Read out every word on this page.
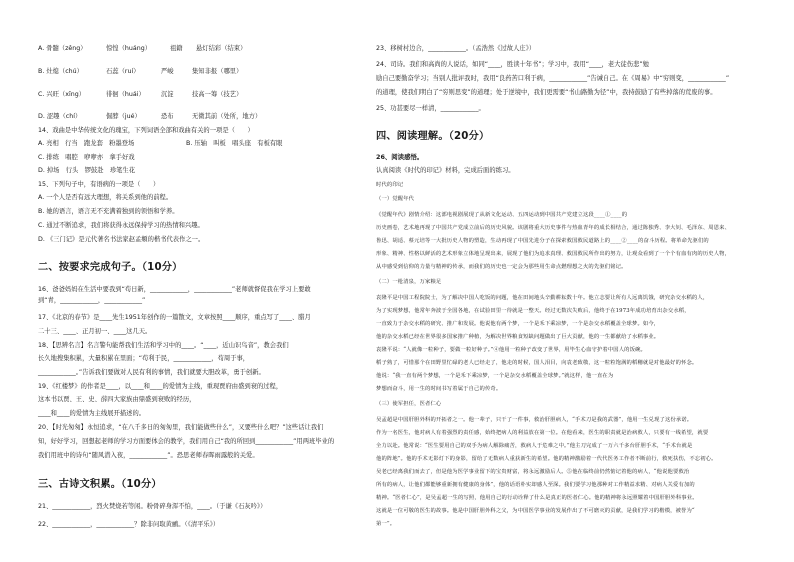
A. 骨髓（zěng）	惊惶（huáng）	祖籍 悬灯结彩（结束）
B. 灶熄（chú）	石蕊（ruí）	严峻	集知非报（哪里）
C. 兴旺（xīng）	徘徊（huái）	沉淀	技高一筹（技艺）
D. 涩趣（chí）	倔脖（jué）	恐布	无微其前（处所，地方）
14、戏曲是中华传统文化的瑰宝，下列词语全部和戏曲有关的一项是（　　）
A. 亮相　行当　跑龙套　粉墨登场	B. 压轴　叫板　唱头座　有板有眼
C. 排练　唱腔　咿咿亦　拿手好戏
D. 掉场　行头　锣鼓赴　珍笔生花
15、下列句子中，有语病的一项是（　　）
A. 一个人是否有远大理想，将关系到他的前程。
B. 她的语言，语言无不充满着独到的领悟和学养。
C. 通过不断追求，我们将获得永远保持学习的热情和兴趣。
D. 《三门记》是元代著名书法家赵孟頫的楷书代表作之一。
二、按要求完成句子。（10分）
16、爸爸妈妈在生活中要我到“苟日新，____________，____________”老师就督促我在学习上要敢
到“青，____________，____________”
17、《北京的春节》是____先生1951年创作的一篇散文，文章按照____顺序，重点写了____、腊月
二十三、____、正月初一、____这几天。
18、【思辨名言】名言警句能帮我们生活和学习中的____。“____，近山识鸟音”，教会我们
长久地搜集积累，大量积累在里面；“苟利于民，____________，苟周于事，
____________。”告诉我们要做对人民有利的事情，我们就要大胆改革，勇于创新。
19、《红楼梦》的作者是____，以____和____的爱情为主线，重现贾府由盛到衰的过程，
这本书以贾、王、史、薛四大家族由鼎盛到衰败的经历，
____和____的爱情为主线展开描述的。
20、【时光匆匆】永恒追求，“在八千多日的匆匆里，我们能做些什么”，又要些什么吧？”这些话让我们
知，好好学习，回想起老师的学习方面要体会的教学，我们用自己“我的所回到____________”用两班毕业的
我们用班中的诗句“随风潜入夜，____________”。恐思老师春晖雨露般的关爱。
三、古诗文积累。（10分）
21、____________，烈火焚烧若等闲。粉骨碎身浑不怕，____。（于谦《石灰吟》）
22、____________，____________？除非问取黄鹂。（《清平乐》）
23、移树村边合，____________。（孟浩然《过故人庄》）
24、司诗。我们和高尚的人说话，如同“____，胜读十年书”；学习中，我用“____，老大徒伤悲”勉
励自己要勤奋学习；当别人批评我时，我用“良药苦口利于病，____________”告诫自己。在《周易》中“穷则变，____________”
的道理，使我们明白了“穷则思变”的道理；处于逆境中，我们更需要“书山路勤为径”中，我持鼓励了有些掉落的荒废的事。
25、功甚要尽一样清，____________。
四、阅读理解。（20分）
26、阅读感悟。
认真阅读《时代的印记》材料，完成后面的练习。
时代的印记
（一）觉醒年代
《觉醒年代》剧情介绍：这部电视剧展现了从新文化运动、五四运动到中国共产党建立这段____①____的
历史画卷，艺术地再现了中国共产党成立前后的历史风貌。该剧将重大历史事件与热血青年的成长相结合，通过陈独秀、李大钊、毛泽东、周恩来、
鲁迅、胡适、蔡元培等一大批历史人物的塑造，生动再现了中国先进分子在探索救国救民道路上的____②____的奋斗历程。将革命先驱们的
形象、精神、性格以鲜活的艺术形象立体地呈现出来，展现了他们为追求真理、救国救民所作出的努力，让观众看到了一个个有血有肉的历史人物，
从中感受到信仰的力量与精神的传承，而我们的历史也一定会为那些用生命点燃理想之火的先驱们铭记。
（二）一枪清泉，万家粮足
袁隆平是中国工程院院士，为了解决中国人吃饭的问题，他在田间地头辛勤耕耘数十年。他立志要让所有人远离饥饿，研究杂交水稻的人，
为了实现梦想，他常年奔波于全国各地，在试验田里一待就是一整天。经过无数次失败后，他终于在1973年成功培育出杂交水稻，
一直致力于杂交水稻的研究、推广和发展。他说他有两个梦，一个是禾下乘凉梦，一个是杂交水稻覆盖全球梦。如今，
他的杂交水稻已经在世界很多国家推广种植，为解决世界粮食短缺问题做出了巨大贡献，他的一生都献给了水稻事业。
袁隆平说：“人就像一粒种子，要做一粒好种子。”④他用一粒种子改变了世界，用毕生心血守护着中国人的饭碗。
稻子熟了，可惜那个在田野里忙碌的老人已经走了，他走的时候，国人泪目，向袁老致敬，这一粒粒饱满的稻穗就是对他最好的怀念。
他说：“我一直有两个梦想，一个是禾下乘凉梦，一个是杂交水稻覆盖全球梦。”就这样，他一直在为
梦想而奋斗，用一生的时间书写着属于自己的传奇。
（三）使军担任，医者仁心
吴孟超是中国肝胆外科的开拓者之一。他一辈子，只干了一件事，救治肝胆病人，“手术刀是我的武器”，他用一生兑现了这份承诺。
作为一名医生，他对病人有着强烈的责任感，始终把病人的利益放在第一位。在他看来，医生的职责就是治病救人，只要有一线希望，就要
全力以赴。他常说：“医生要用自己的双手为病人解除痛苦，救病人于危难之中。”他主刀完成了一万六千多台肝胆手术，“手术台就是
他的阵地”。他的手术无影灯下的身影，留给了无数病人重获新生的希望。他的精神激励着一代代医务工作者不断前行，救死扶伤，不忘初心。
吴老已经离我们而去了，但是他为医学事业留下的宝贵财富，将永远激励后人。⑤他在临终前仍然惦记着他的病人，“他说他要救治
所有的病人，让他们都能够重新拥有健康的身体”，他的话语朴实却感人至深。我们要学习他那种对工作精益求精、对病人关爱有加的
精神。“医者仁心”，是吴孟超一生的写照，他用自己的行动诠释了什么是真正的医者仁心。他的精神将永远照耀着中国肝胆外科事业。
这就是一位可敬的医生的故事。他是中国肝胆外科之父，为中国医学事业的发展作出了不可磨灭的贡献，是我们学习的楷模，被誉为“
第一”。
